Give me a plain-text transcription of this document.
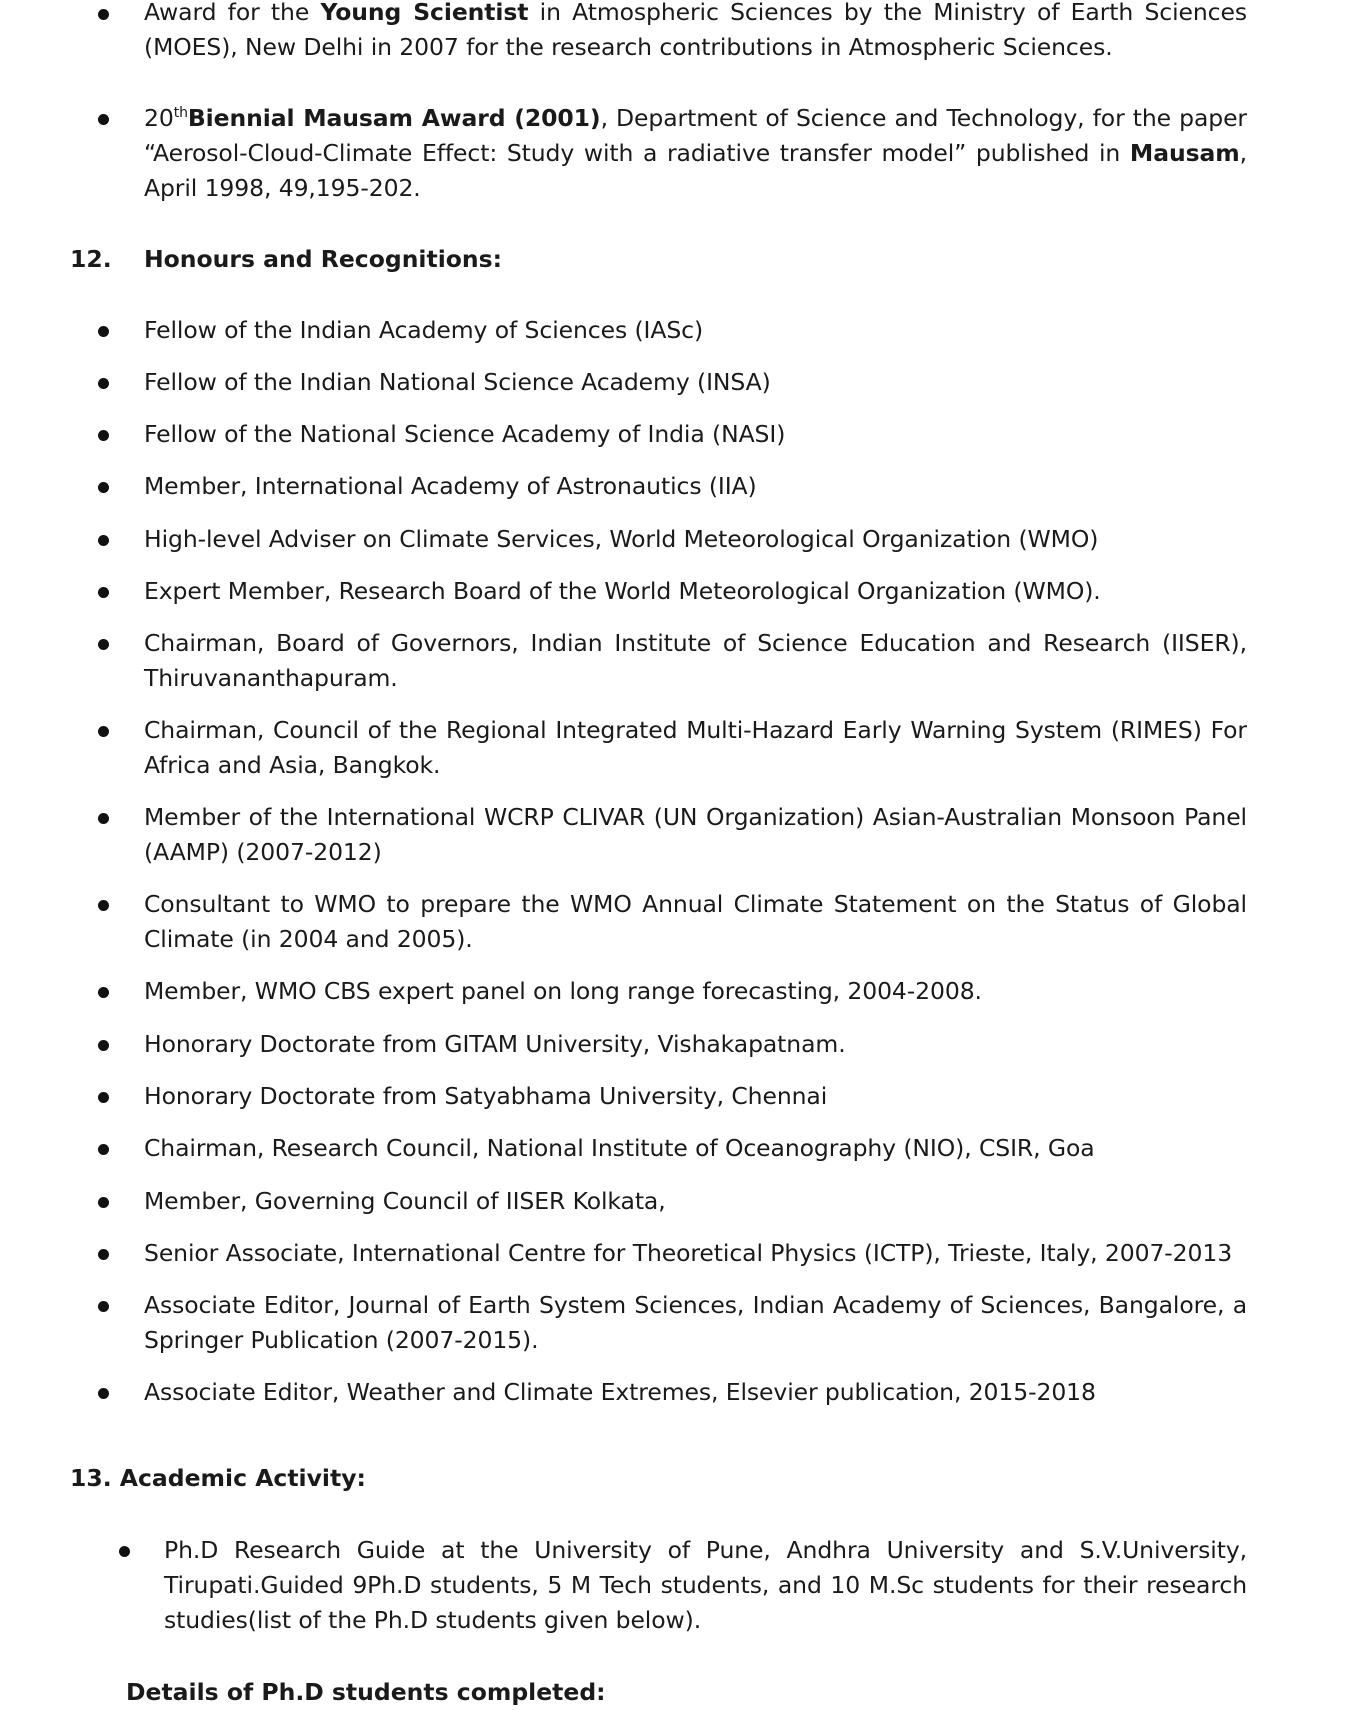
Award for the Young Scientist in Atmospheric Sciences by the Ministry of Earth Sciences (MOES), New Delhi in 2007 for the research contributions in Atmospheric Sciences.
20thBiennial Mausam Award (2001), Department of Science and Technology, for the paper “Aerosol-Cloud-Climate Effect: Study with a radiative transfer model” published in Mausam, April 1998, 49,195-202.
12. Honours and Recognitions:
Fellow of the Indian Academy of Sciences (IASc)
Fellow of the Indian National Science Academy (INSA)
Fellow of the National Science Academy of India (NASI)
Member, International Academy of Astronautics (IIA)
High-level Adviser on Climate Services, World Meteorological Organization (WMO)
Expert Member, Research Board of the World Meteorological Organization (WMO).
Chairman, Board of Governors, Indian Institute of Science Education and Research (IISER), Thiruvananthapuram.
Chairman, Council of the Regional Integrated Multi-Hazard Early Warning System (RIMES) For Africa and Asia, Bangkok.
Member of the International WCRP CLIVAR (UN Organization) Asian-Australian Monsoon Panel (AAMP) (2007-2012)
Consultant to WMO to prepare the WMO Annual Climate Statement on the Status of Global Climate (in 2004 and 2005).
Member, WMO CBS expert panel on long range forecasting, 2004-2008.
Honorary Doctorate from GITAM University, Vishakapatnam.
Honorary Doctorate from Satyabhama University, Chennai
Chairman, Research Council, National Institute of Oceanography (NIO), CSIR, Goa
Member, Governing Council of IISER Kolkata,
Senior Associate, International Centre for Theoretical Physics (ICTP), Trieste, Italy, 2007-2013
Associate Editor, Journal of Earth System Sciences, Indian Academy of Sciences, Bangalore, a Springer Publication (2007-2015).
Associate Editor, Weather and Climate Extremes, Elsevier publication, 2015-2018
13. Academic Activity:
Ph.D Research Guide at the University of Pune, Andhra University and S.V.University, Tirupati.Guided 9Ph.D students, 5 M Tech students, and 10 M.Sc students for their research studies(list of the Ph.D students given below).
Details of Ph.D students completed:
